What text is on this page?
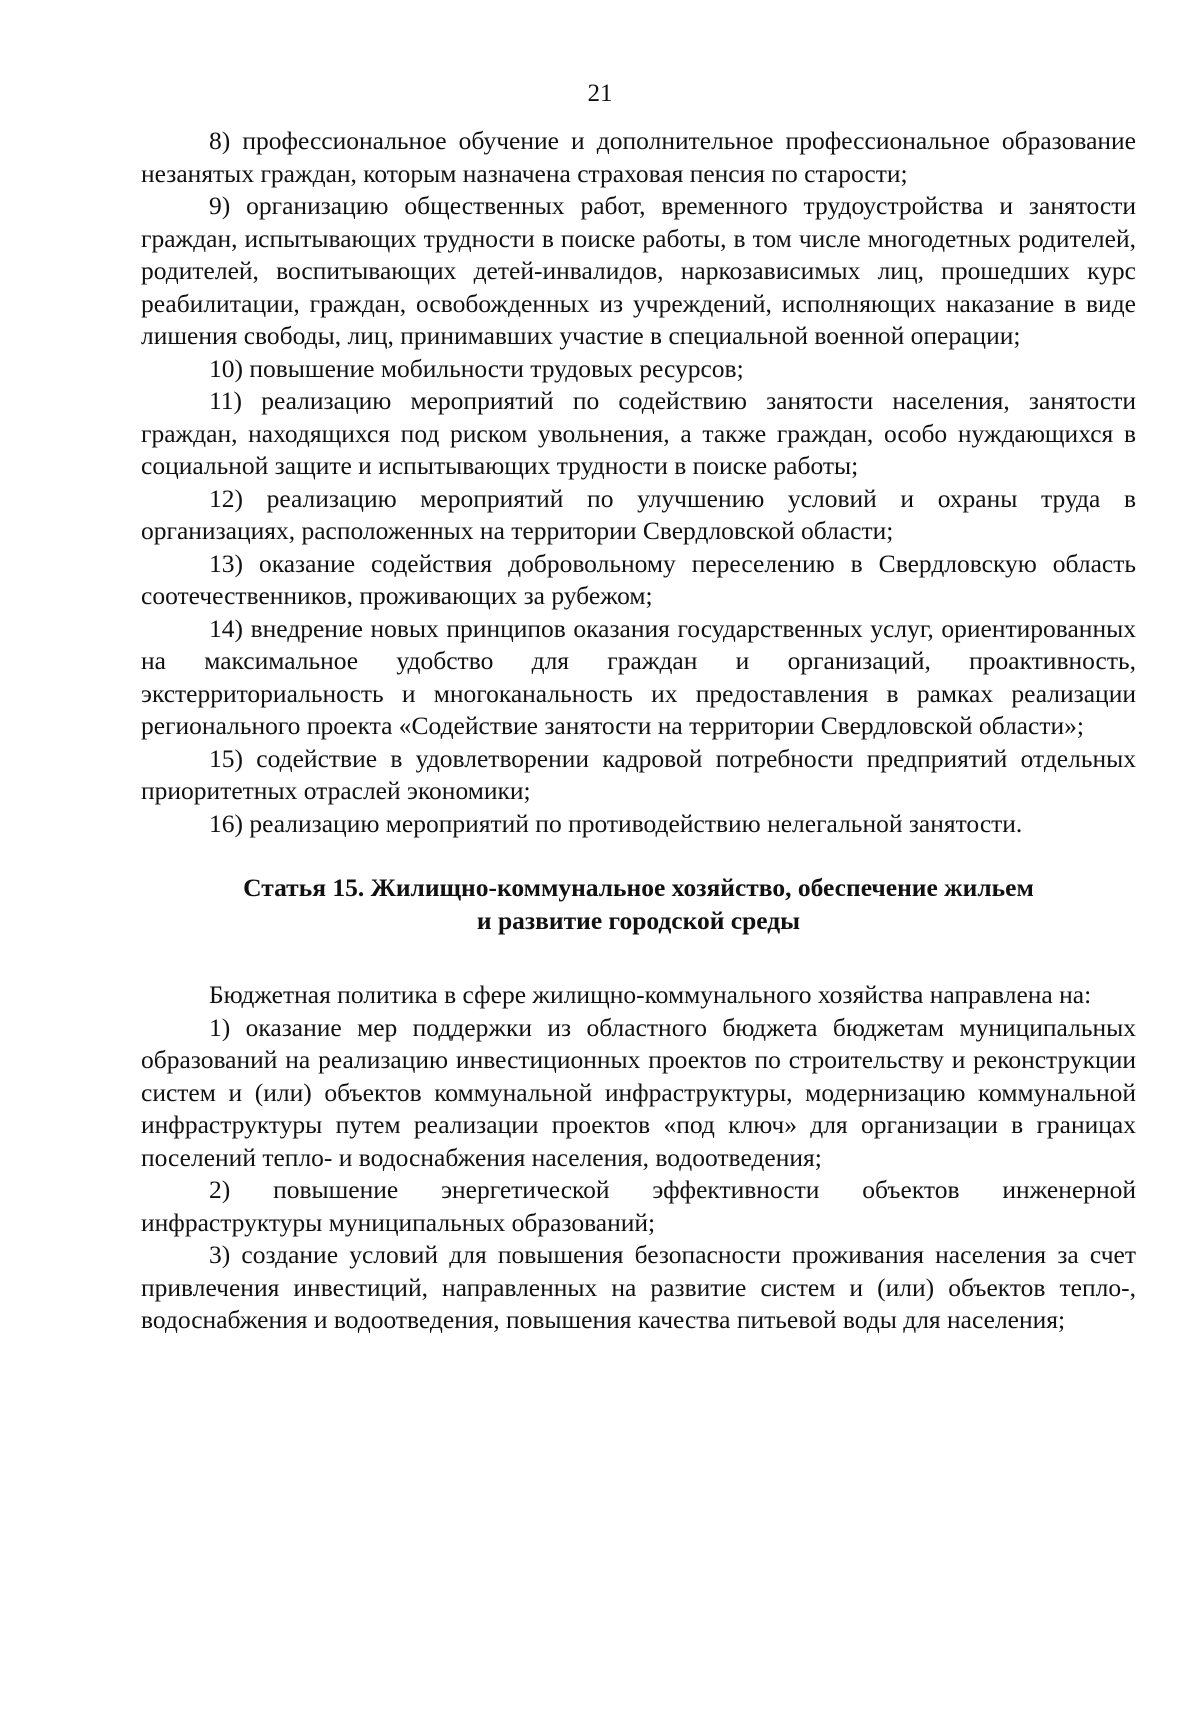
21

8) профессиональное обучение и дополнительное профессиональное образование незанятых граждан, которым назначена страховая пенсия по старости;

9) организацию общественных работ, временного трудоустройства и занятости граждан, испытывающих трудности в поиске работы, в том числе многодетных родителей, родителей, воспитывающих детей-инвалидов, наркозависимых лиц, прошедших курс реабилитации, граждан, освобожденных из учреждений, исполняющих наказание в виде лишения свободы, лиц, принимавших участие в специальной военной операции;

10) повышение мобильности трудовых ресурсов;

11) реализацию мероприятий по содействию занятости населения, занятости граждан, находящихся под риском увольнения, а также граждан, особо нуждающихся в социальной защите и испытывающих трудности в поиске работы;

12) реализацию мероприятий по улучшению условий и охраны труда в организациях, расположенных на территории Свердловской области;

13) оказание содействия добровольному переселению в Свердловскую область соотечественников, проживающих за рубежом;

14) внедрение новых принципов оказания государственных услуг, ориентированных на максимальное удобство для граждан и организаций, проактивность, экстерриториальность и многоканальность их предоставления в рамках реализации регионального проекта «Содействие занятости на территории Свердловской области»;

15) содействие в удовлетворении кадровой потребности предприятий отдельных приоритетных отраслей экономики;

16) реализацию мероприятий по противодействию нелегальной занятости.

Статья 15. Жилищно-коммунальное хозяйство, обеспечение жильем
и развитие городской среды

Бюджетная политика в сфере жилищно-коммунального хозяйства направлена на:

1) оказание мер поддержки из областного бюджета бюджетам муниципальных образований на реализацию инвестиционных проектов по строительству и реконструкции систем и (или) объектов коммунальной инфраструктуры, модернизацию коммунальной инфраструктуры путем реализации проектов «под ключ» для организации в границах поселений тепло- и водоснабжения населения, водоотведения;

2) повышение энергетической эффективности объектов инженерной инфраструктуры муниципальных образований;

3) создание условий для повышения безопасности проживания населения за счет привлечения инвестиций, направленных на развитие систем и (или) объектов тепло-, водоснабжения и водоотведения, повышения качества питьевой воды для населения;
